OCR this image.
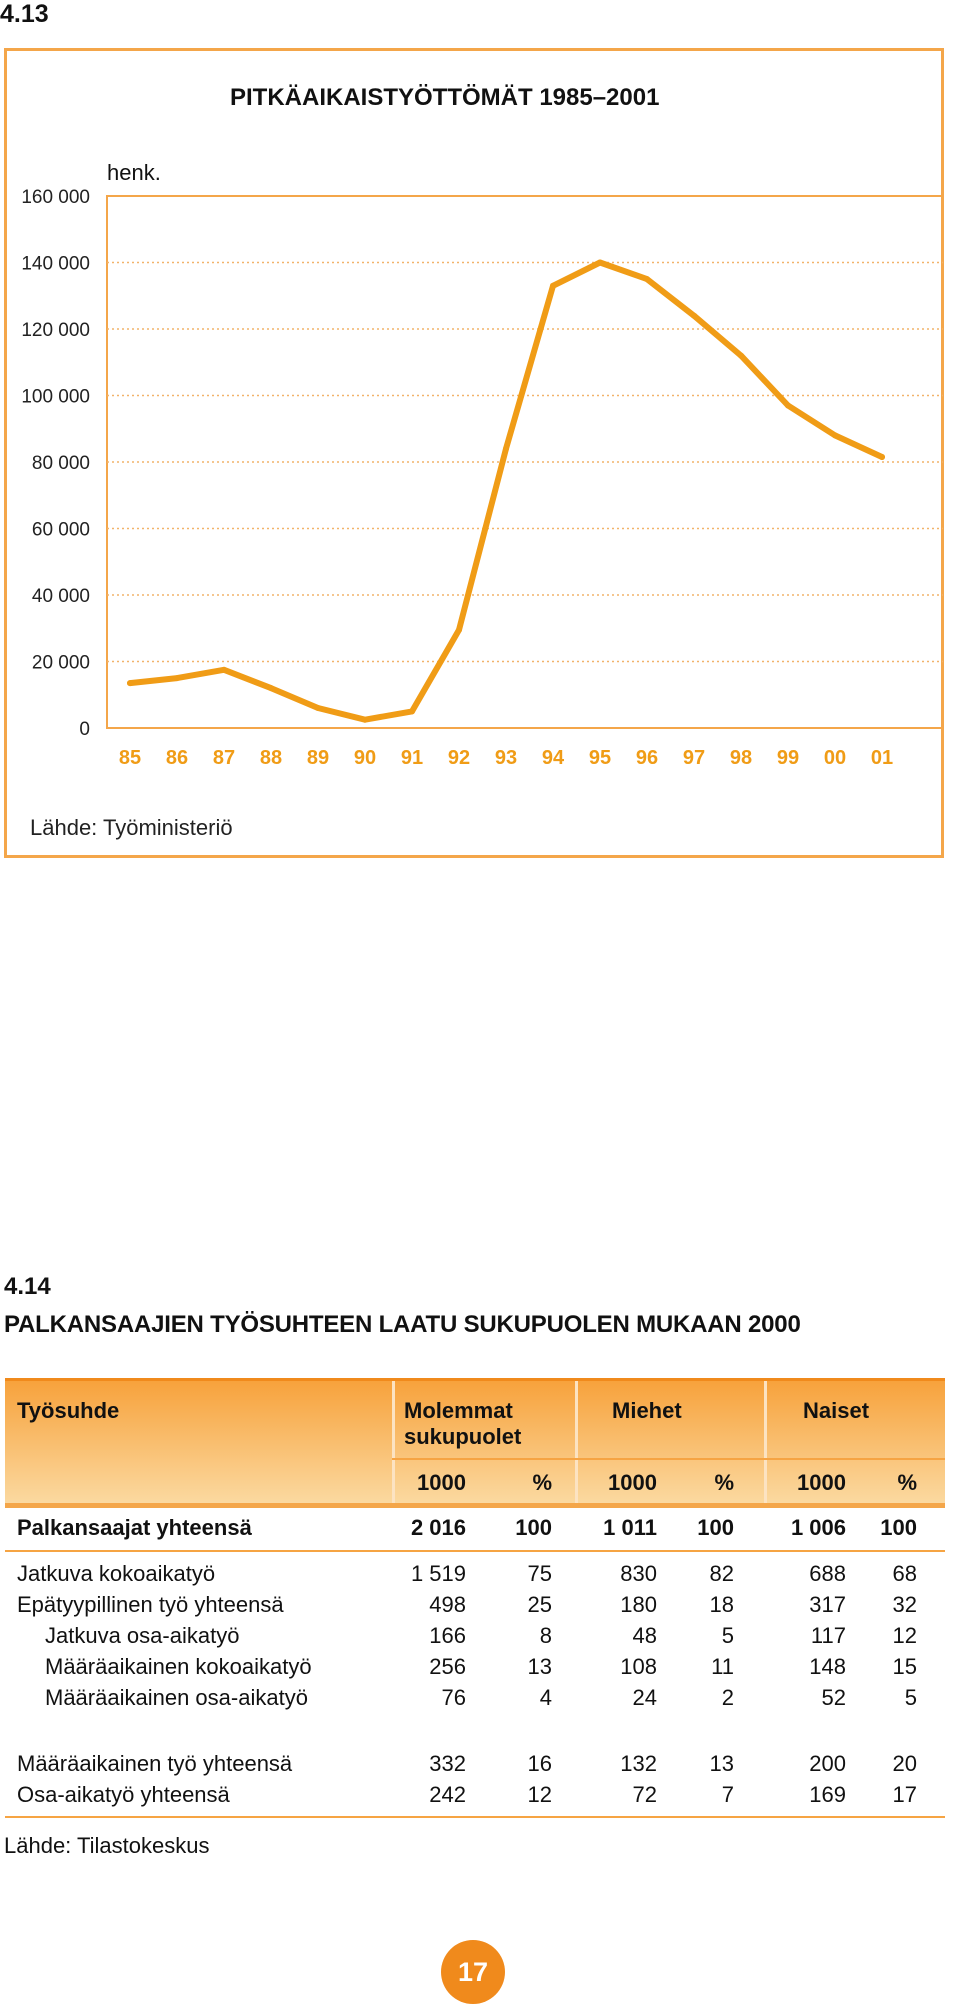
4.13
0
20 000
40 000
60 000
80 000
100 000
120 000
140 000
160 000
PITKÄAIKAISTYÖTTÖMÄT 1985–2001
henk.
85 86 87 88 89 90 91 92 93 94 95 96 97 98 99 00 01
Lähde: Työministeriö
4.14
PALKANSAAJIEN TYÖSUHTEEN LAATU SUKUPUOLEN MUKAAN 2000
Työsuhde	Molemmat
sukupuolet
Miehet	Naiset
1000	%	1000	%	1000	%
Palkansaajat yhteensä	2 016	100	1 011	100	1 006	100
Jatkuva kokoaikatyö	1 519	75	830	82	688	68
Epätyypillinen työ yhteensä	498	25	180	18	317	32
Jatkuva osa-aikatyö	166	8	48	5	117	12
Määräaikainen kokoaikatyö	256	13	108	11	148	15
Määräaikainen osa-aikatyö	76	4	24	2	52	5
Määräaikainen työ yhteensä	332	16	132	13	200	20
Osa-aikatyö yhteensä	242	12	72	7	169	17
Lähde: Tilastokeskus
17
